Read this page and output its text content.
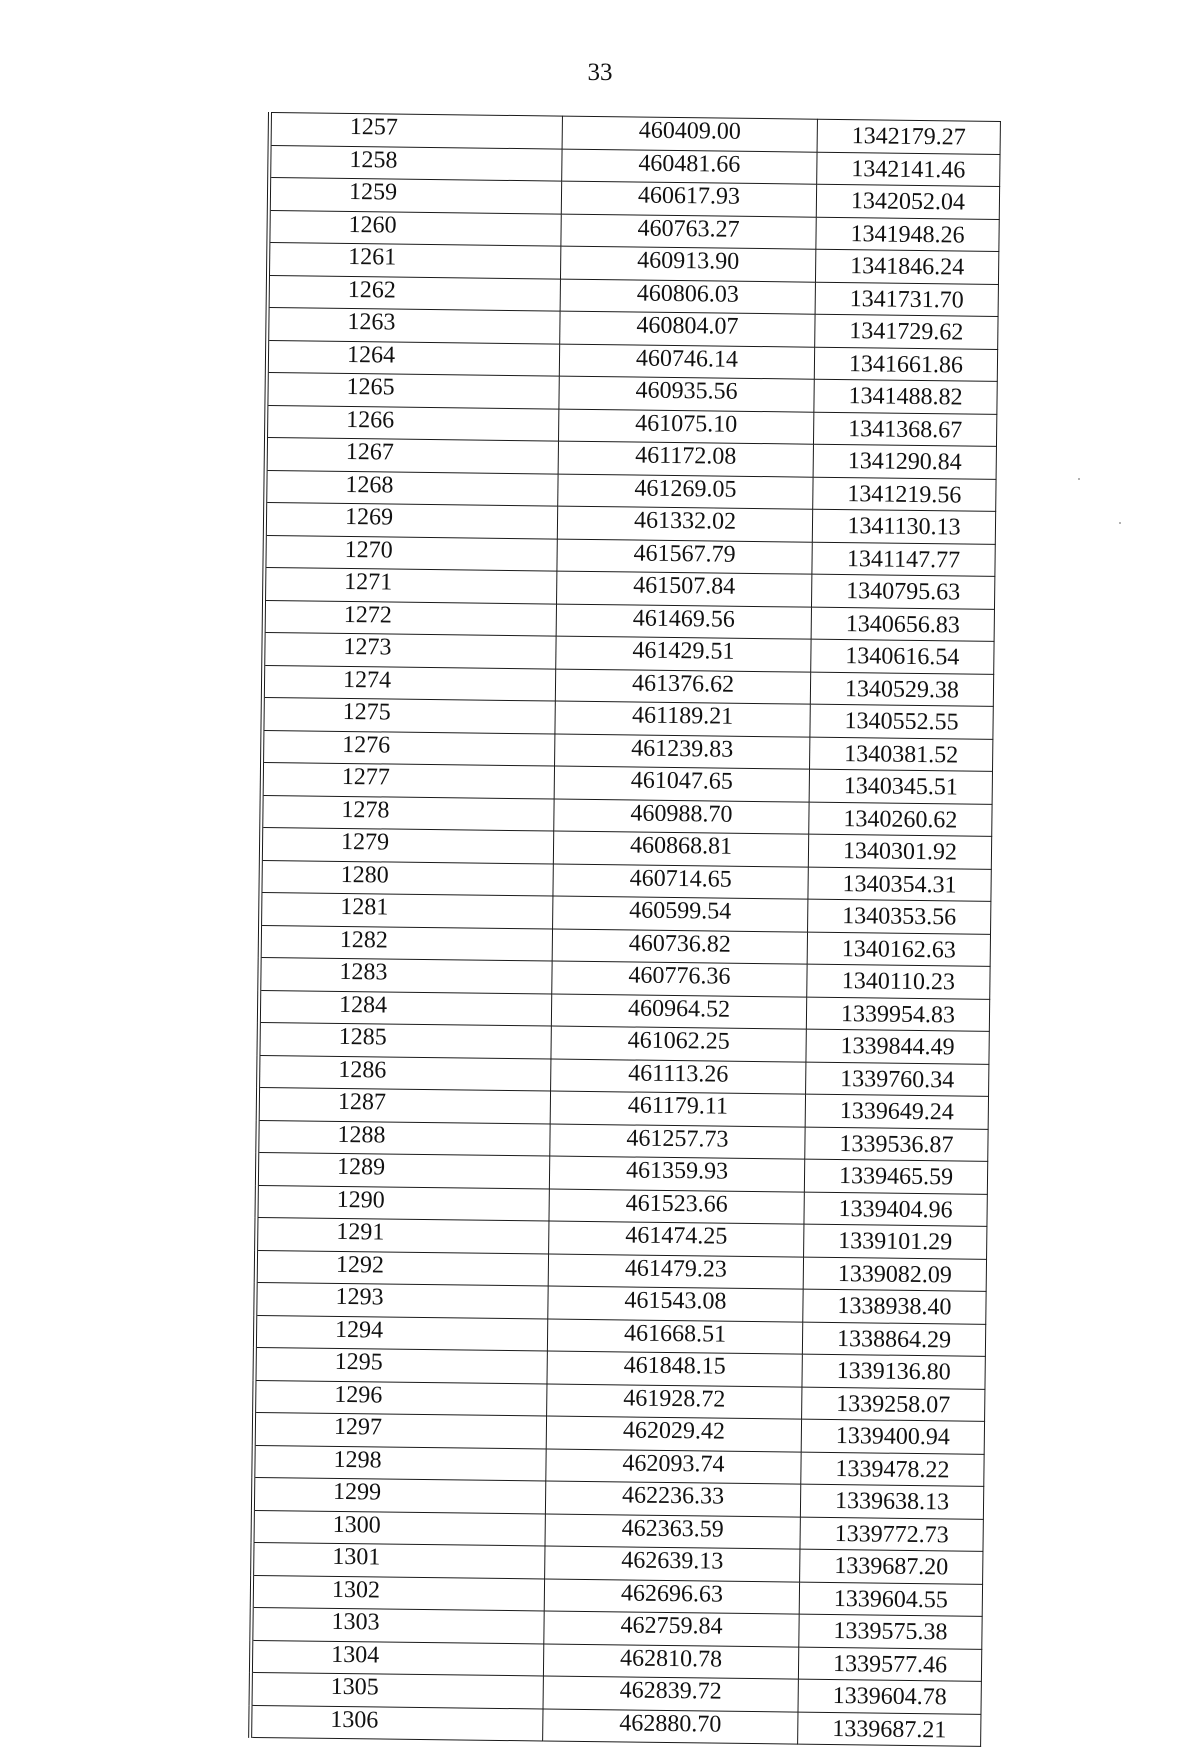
33
1257	460409.00	1342179.27
1258	460481.66	1342141.46
1259	460617.93	1342052.04
1260	460763.27	1341948.26
1261	460913.90	1341846.24
1262	460806.03	1341731.70
1263	460804.07	1341729.62
1264	460746.14	1341661.86
1265	460935.56	1341488.82
1266	461075.10	1341368.67
1267	461172.08	1341290.84
1268	461269.05	1341219.56
1269	461332.02	1341130.13
1270	461567.79	1341147.77
1271	461507.84	1340795.63
1272	461469.56	1340656.83
1273	461429.51	1340616.54
1274	461376.62	1340529.38
1275	461189.21	1340552.55
1276	461239.83	1340381.52
1277	461047.65	1340345.51
1278	460988.70	1340260.62
1279	460868.81	1340301.92
1280	460714.65	1340354.31
1281	460599.54	1340353.56
1282	460736.82	1340162.63
1283	460776.36	1340110.23
1284	460964.52	1339954.83
1285	461062.25	1339844.49
1286	461113.26	1339760.34
1287	461179.11	1339649.24
1288	461257.73	1339536.87
1289	461359.93	1339465.59
1290	461523.66	1339404.96
1291	461474.25	1339101.29
1292	461479.23	1339082.09
1293	461543.08	1338938.40
1294	461668.51	1338864.29
1295	461848.15	1339136.80
1296	461928.72	1339258.07
1297	462029.42	1339400.94
1298	462093.74	1339478.22
1299	462236.33	1339638.13
1300	462363.59	1339772.73
1301	462639.13	1339687.20
1302	462696.63	1339604.55
1303	462759.84	1339575.38
1304	462810.78	1339577.46
1305	462839.72	1339604.78
1306	462880.70	1339687.21
